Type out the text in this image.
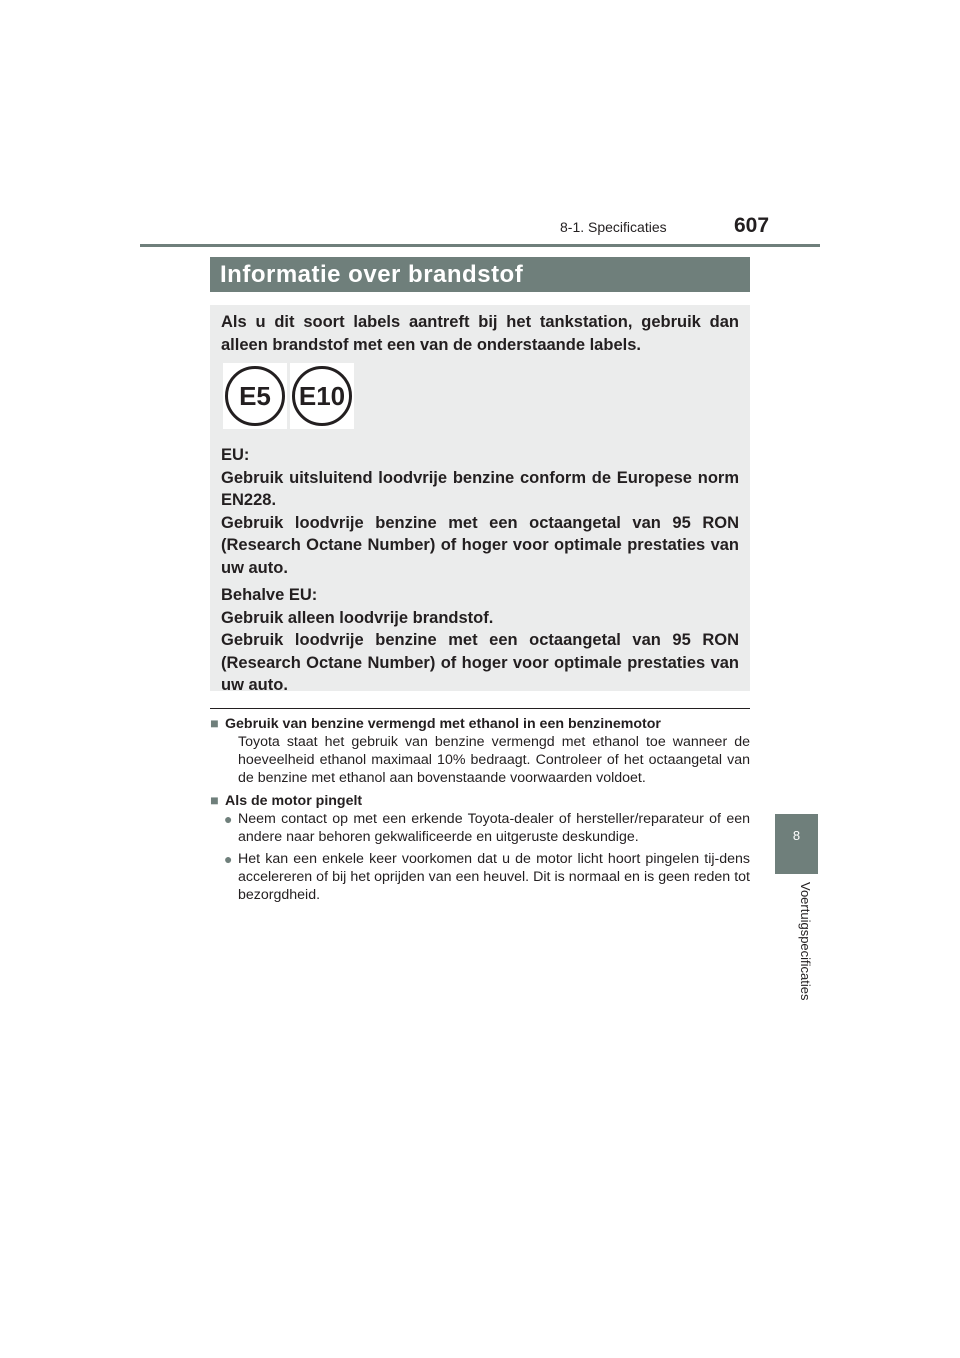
8-1. Specificaties	607
8
Voertuigspecificaties
Informatie over brandstof

Als u dit soort labels aantreft bij het tankstation, gebruik dan alleen brandstof met een van de onderstaande labels.

E5	E10

EU:

Gebruik uitsluitend loodvrije benzine conform de Europese norm EN228.

Gebruik loodvrije benzine met een octaangetal van 95 RON (Research Octane Number) of hoger voor optimale prestaties van uw auto.

Behalve EU:

Gebruik alleen loodvrije brandstof.

Gebruik loodvrije benzine met een octaangetal van 95 RON (Research Octane Number) of hoger voor optimale prestaties van uw auto.

■ Gebruik van benzine vermengd met ethanol in een benzinemotor
Toyota staat het gebruik van benzine vermengd met ethanol toe wanneer de hoeveelheid ethanol maximaal 10% bedraagt. Controleer of het octaangetal van de benzine met ethanol aan bovenstaande voorwaarden voldoet.
■ Als de motor pingelt
● Neem contact op met een erkende Toyota-dealer of hersteller/reparateur of een andere naar behoren gekwalificeerde en uitgeruste deskundige.
● Het kan een enkele keer voorkomen dat u de motor licht hoort pingelen tij-dens accelereren of bij het oprijden van een heuvel. Dit is normaal en is geen reden tot bezorgdheid.
